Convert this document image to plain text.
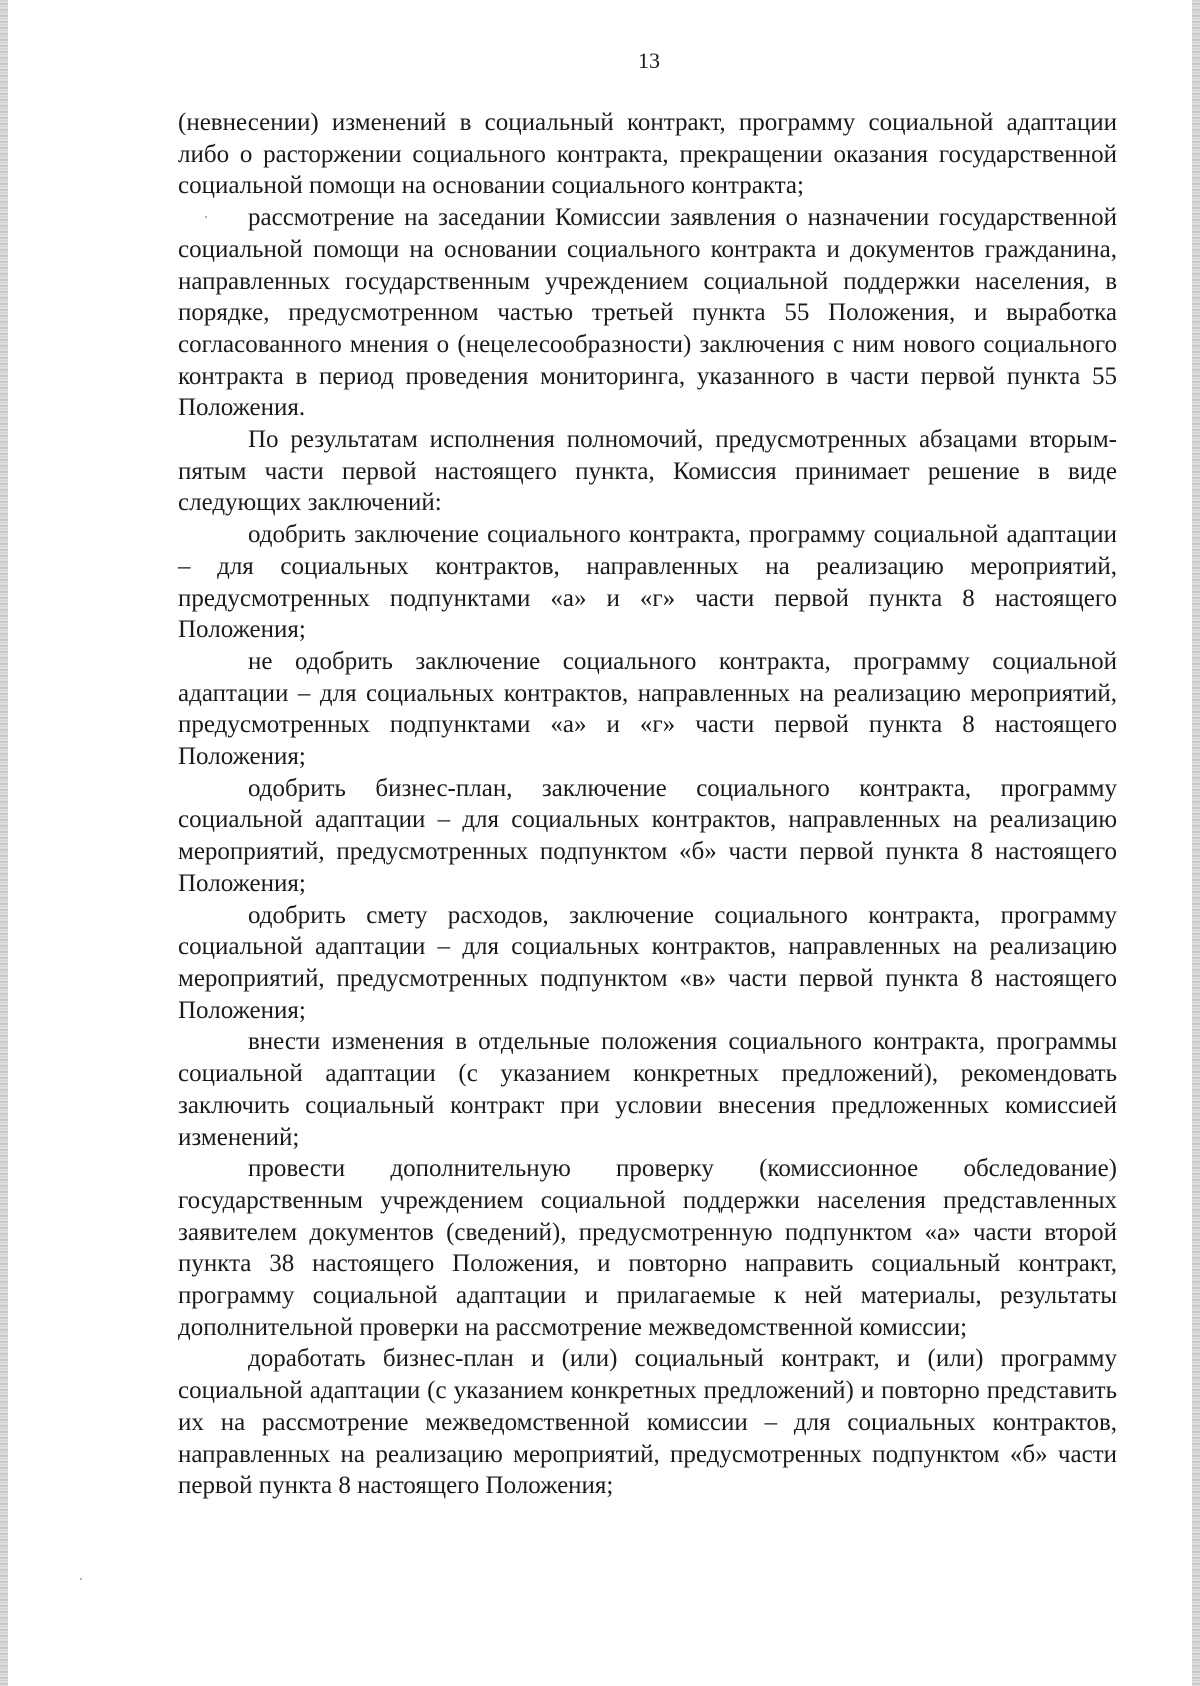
13

(невнесении) изменений в социальный контракт, программу социальной адаптации либо о расторжении социального контракта, прекращении оказания государственной социальной помощи на основании социального контракта;

рассмотрение на заседании Комиссии заявления о назначении государственной социальной помощи на основании социального контракта и документов гражданина, направленных государственным учреждением социальной поддержки населения, в порядке, предусмотренном частью третьей пункта 55 Положения, и выработка согласованного мнения о (нецелесообразности) заключения с ним нового социального контракта в период проведения мониторинга, указанного в части первой пункта 55 Положения.

По результатам исполнения полномочий, предусмотренных абзацами вторым-пятым части первой настоящего пункта, Комиссия принимает решение в виде следующих заключений:

одобрить заключение социального контракта, программу социальной адаптации – для социальных контрактов, направленных на реализацию мероприятий, предусмотренных подпунктами «а» и «г» части первой пункта 8 настоящего Положения;

не одобрить заключение социального контракта, программу социальной адаптации – для социальных контрактов, направленных на реализацию мероприятий, предусмотренных подпунктами «а» и «г» части первой пункта 8 настоящего Положения;

одобрить бизнес-план, заключение социального контракта, программу социальной адаптации – для социальных контрактов, направленных на реализацию мероприятий, предусмотренных подпунктом «б» части первой пункта 8 настоящего Положения;

одобрить смету расходов, заключение социального контракта, программу социальной адаптации – для социальных контрактов, направленных на реализацию мероприятий, предусмотренных подпунктом «в» части первой пункта 8 настоящего Положения;

внести изменения в отдельные положения социального контракта, программы социальной адаптации (с указанием конкретных предложений), рекомендовать заключить социальный контракт при условии внесения предложенных комиссией изменений;

провести дополнительную проверку (комиссионное обследование) государственным учреждением социальной поддержки населения представленных заявителем документов (сведений), предусмотренную подпунктом «а» части второй пункта 38 настоящего Положения, и повторно направить социальный контракт, программу социальной адаптации и прилагаемые к ней материалы, результаты дополнительной проверки на рассмотрение межведомственной комиссии;

доработать бизнес-план и (или) социальный контракт, и (или) программу социальной адаптации (с указанием конкретных предложений) и повторно представить их на рассмотрение межведомственной комиссии – для социальных контрактов, направленных на реализацию мероприятий, предусмотренных подпунктом «б» части первой пункта 8 настоящего Положения;
